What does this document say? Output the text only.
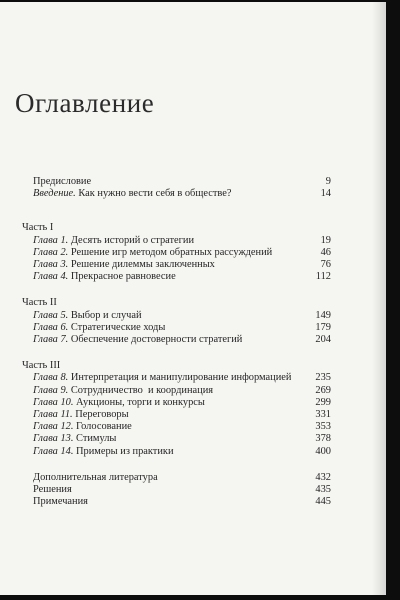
Оглавление
Предисловие	9
Введение. Как нужно вести себя в обществе?	14
Часть I
Глава 1. Десять историй о стратегии	19
Глава 2. Решение игр методом обратных рассуждений	46
Глава 3. Решение дилеммы заключенных	76
Глава 4. Прекрасное равновесие	112
Часть II
Глава 5. Выбор и случай	149
Глава 6. Стратегические ходы	179
Глава 7. Обеспечение достоверности стратегий	204
Часть III
Глава 8. Интерпретация и манипулирование информацией	235
Глава 9. Сотрудничество  и координация	269
Глава 10. Аукционы, торги и конкурсы	299
Глава 11. Переговоры	331
Глава 12. Голосование	353
Глава 13. Стимулы	378
Глава 14. Примеры из практики	400
Дополнительная литература	432
Решения	435
Примечания	445
